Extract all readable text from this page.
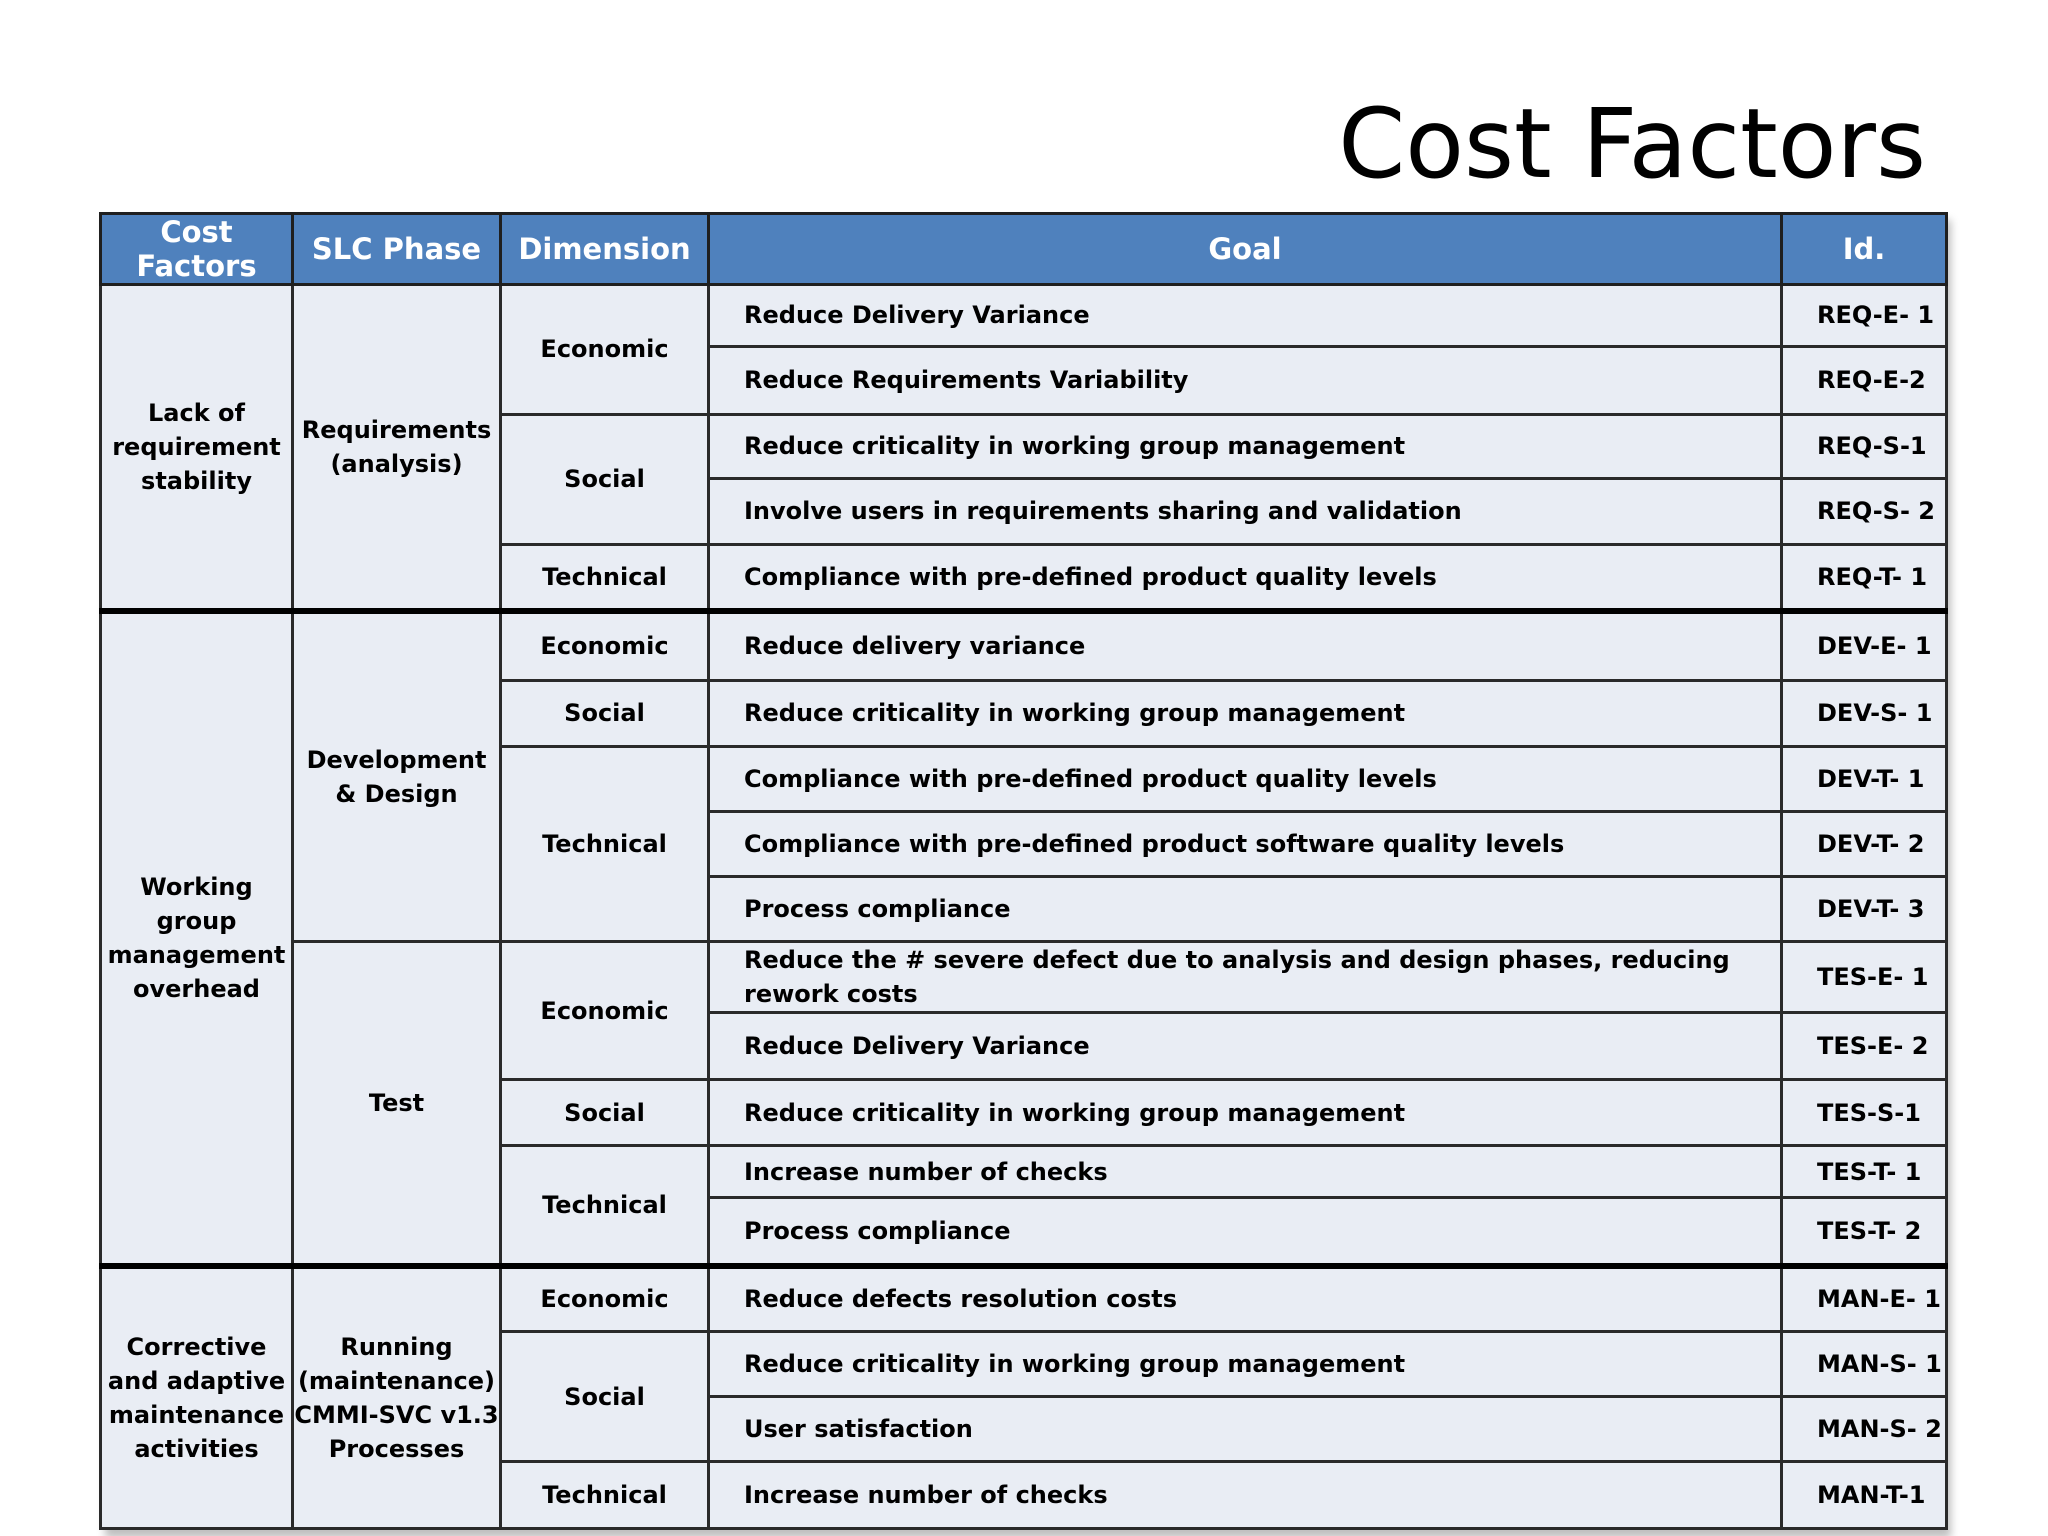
Cost Factors
Cost Factors	SLC Phase	Dimension	Goal	Id.
Lack of requirement stability	Requirements (analysis)	Economic	Reduce Delivery Variance	REQ-E- 1
			Reduce Requirements Variability	REQ-E-2
		Social	Reduce criticality in working group management	REQ-S-1
			Involve users in requirements sharing and validation	REQ-S- 2
		Technical	Compliance with pre-defined product quality levels	REQ-T- 1
Working group management overhead	Development & Design	Economic	Reduce delivery variance	DEV-E- 1
		Social	Reduce criticality in working group management	DEV-S- 1
		Technical	Compliance with pre-defined product quality levels	DEV-T- 1
			Compliance with pre-defined product software quality levels	DEV-T- 2
			Process compliance	DEV-T- 3
	Test	Economic	Reduce the # severe defect due to analysis and design phases, reducing rework costs	TES-E- 1
			Reduce Delivery Variance	TES-E- 2
		Social	Reduce criticality in working group management	TES-S-1
		Technical	Increase number of checks	TES-T- 1
			Process compliance	TES-T- 2
Corrective and adaptive maintenance activities	Running (maintenance) CMMI-SVC v1.3 Processes	Economic	Reduce defects resolution costs	MAN-E- 1
		Social	Reduce criticality in working group management	MAN-S- 1
			User satisfaction	MAN-S- 2
		Technical	Increase number of checks	MAN-T-1
